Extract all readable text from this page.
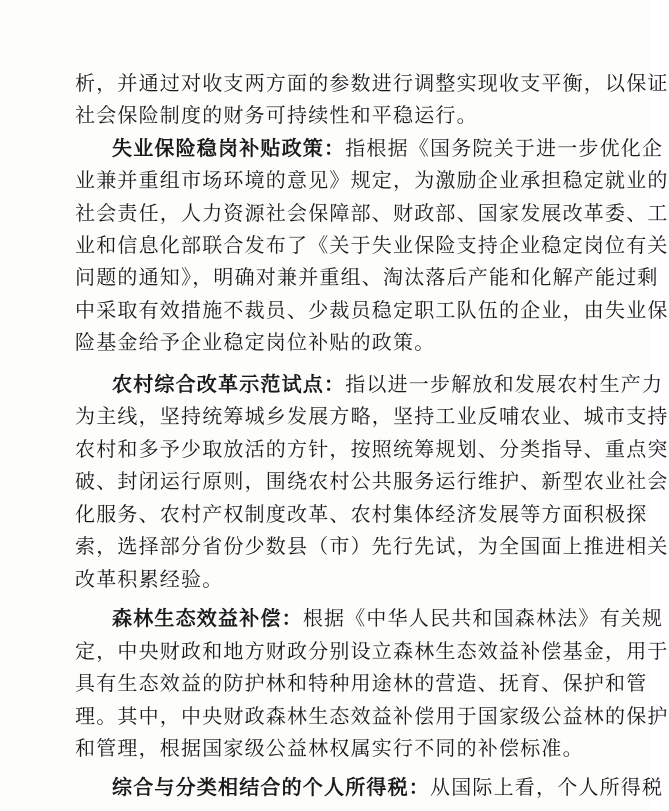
析，并通过对收支两方面的参数进行调整实现收支平衡，以保证
社会保险制度的财务可持续性和平稳运行。
失业保险稳岗补贴政策：指根据《国务院关于进一步优化企
业兼并重组市场环境的意见》规定，为激励企业承担稳定就业的
社会责任，人力资源社会保障部、财政部、国家发展改革委、工
业和信息化部联合发布了《关于失业保险支持企业稳定岗位有关
问题的通知》，明确对兼并重组、淘汰落后产能和化解产能过剩
中采取有效措施不裁员、少裁员稳定职工队伍的企业，由失业保
险基金给予企业稳定岗位补贴的政策。
农村综合改革示范试点：指以进一步解放和发展农村生产力
为主线，坚持统筹城乡发展方略，坚持工业反哺农业、城市支持
农村和多予少取放活的方针，按照统筹规划、分类指导、重点突
破、封闭运行原则，围绕农村公共服务运行维护、新型农业社会
化服务、农村产权制度改革、农村集体经济发展等方面积极探
索，选择部分省份少数县（市）先行先试，为全国面上推进相关
改革积累经验。
森林生态效益补偿：根据《中华人民共和国森林法》有关规
定，中央财政和地方财政分别设立森林生态效益补偿基金，用于
具有生态效益的防护林和特种用途林的营造、抚育、保护和管
理。其中，中央财政森林生态效益补偿用于国家级公益林的保护
和管理，根据国家级公益林权属实行不同的补偿标准。
综合与分类相结合的个人所得税：从国际上看，个人所得税
